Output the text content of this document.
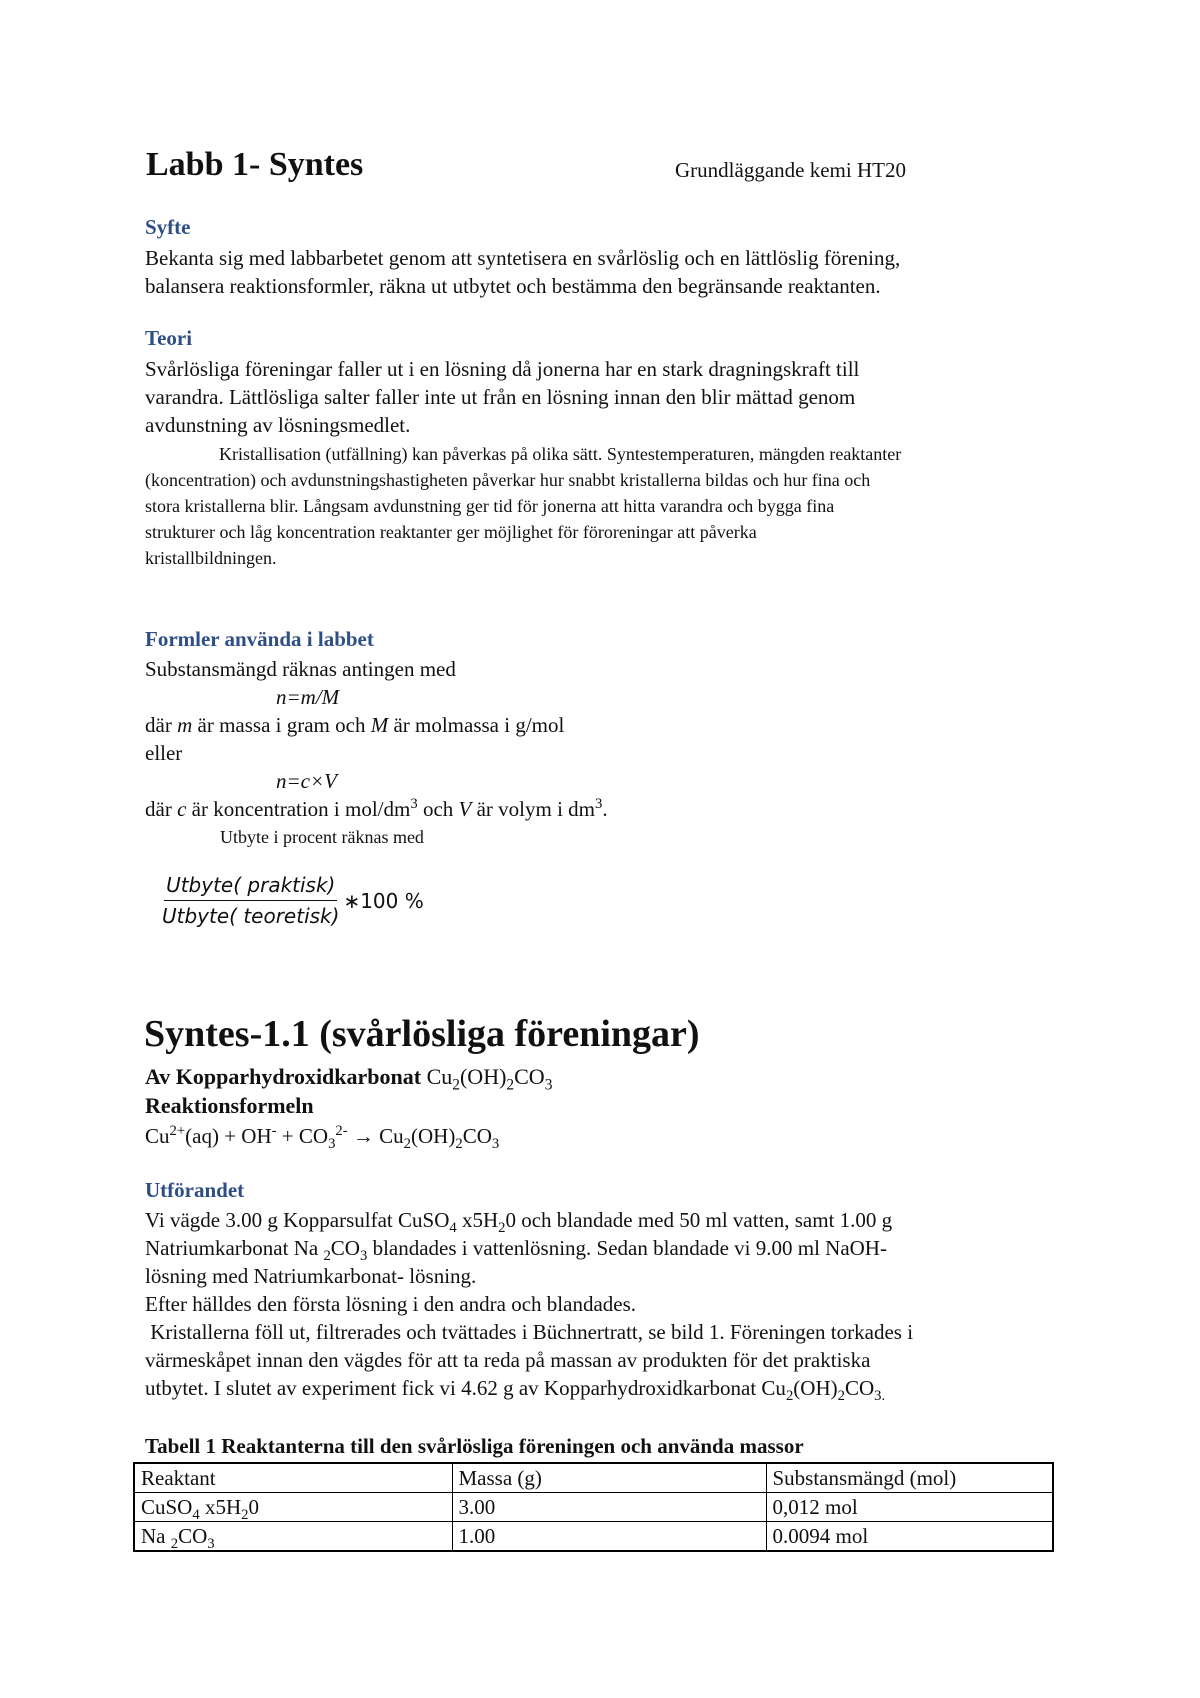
Labb 1- Syntes	Grundläggande kemi HT20
Syfte
Bekanta sig med labbarbetet genom att syntetisera en svårlöslig och en lättlöslig förening,
balansera reaktionsformler, räkna ut utbytet och bestämma den begränsande reaktanten.
Teori
Svårlösliga föreningar faller ut i en lösning då jonerna har en stark dragningskraft till
varandra. Lättlösliga salter faller inte ut från en lösning innan den blir mättad genom
avdunstning av lösningsmedlet.
Kristallisation (utfällning) kan påverkas på olika sätt. Syntestemperaturen, mängden reaktanter
(koncentration) och avdunstningshastigheten påverkar hur snabbt kristallerna bildas och hur fina och
stora kristallerna blir. Långsam avdunstning ger tid för jonerna att hitta varandra och bygga fina
strukturer och låg koncentration reaktanter ger möjlighet för föroreningar att påverka
kristallbildningen.
Formler använda i labbet
Substansmängd räknas antingen med
n=m/M
där m är massa i gram och M är molmassa i g/mol
eller
n=c×V
där c är koncentration i mol/$dm^3$ och V är volym i $dm^3$.
Utbyte i procent räknas med
$\frac{\text{Utbyte( praktisk)}}{\text{Utbyte( teoretisk)}}$ ∗100 %
Syntes-1.1 (svårlösliga föreningar)
Av Kopparhydroxidkarbonat $Cu_2(OH)_2CO_3$
Reaktionsformeln
$Cu^{2+}(aq) + OH^- + CO_3^{2-} \to Cu_2(OH)_2CO_3$
Utförandet
Vi vägde 3.00 g Kopparsulfat CuSO$_4$ $x5H_20$ och blandade med 50 ml vatten, samt 1.00 g
Natriumkarbonat Na $_2CO_3$ blandades i vattenlösning. Sedan blandade vi 9.00 ml NaOH-
lösning med Natriumkarbonat- lösning.
Efter hälldes den första lösning i den andra och blandades.
Kristallerna föll ut, filtrerades och tvättades i Büchnertratt, se bild 1. Föreningen torkades i
värmeskåpet innan den vägdes för att ta reda på massan av produkten för det praktiska
utbytet. I slutet av experiment fick vi 4.62 g av Kopparhydroxidkarbonat $Cu_2(OH)_2CO_{3.}$
Tabell 1 Reaktanterna till den svårlösliga föreningen och använda massor
Reaktant	Massa (g)	Substansmängd (mol)
CuSO$_4$ $x5H_20$	3.00	0,012 mol
Na $_2CO_3$	1.00	0.0094 mol
